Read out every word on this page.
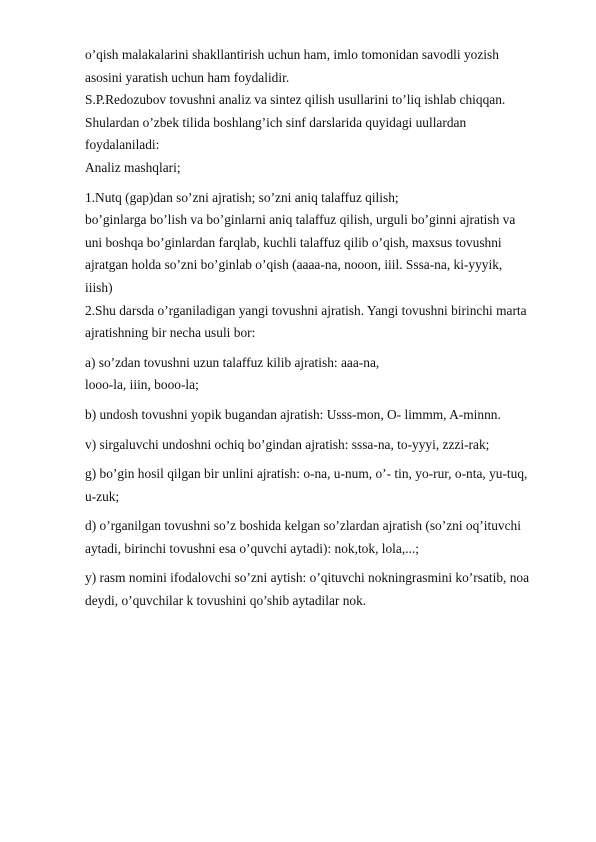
o’qish malakalarini shakllantirish uchun ham, imlo tomonidan savodli yozish
asosini yaratish uchun ham foydalidir.
S.P.Redozubov tovushni analiz va sintez qilish usullarini to’liq ishlab chiqqan.
Shulardan o’zbek tilida boshlang’ich sinf darslarida quyidagi uullardan
foydalaniladi:
Analiz mashqlari;
1.Nutq (gap)dan so’zni ajratish; so’zni aniq talaffuz qilish;
bo’ginlarga bo’lish va bo’ginlarni aniq talaffuz qilish, urguli bo’ginni ajratish va
uni boshqa bo’ginlardan farqlab, kuchli talaffuz qilib o’qish, maxsus tovushni
ajratgan holda so’zni bo’ginlab o’qish (aaaa-na, nooon, iiil. Sssa-na, ki-yyyik,
iiish)
2.Shu darsda o’rganiladigan yangi tovushni ajratish. Yangi tovushni birinchi marta
ajratishning bir necha usuli bor:
a) so’zdan tovushni uzun talaffuz kilib ajratish: aaa-na,
looo-la, iiin, booo-la;
b) undosh tovushni yopik bugandan ajratish: Usss-mon, O- limmm, A-minnn.
v) sirgaluvchi undoshni ochiq bo’gindan ajratish: sssa-na, to-yyyi, zzzi-rak;
g) bo’gin hosil qilgan bir unlini ajratish: o-na, u-num, o’- tin, yo-rur, o-nta, yu-tuq,
u-zuk;
d) o’rganilgan tovushni so’z boshida kelgan so’zlardan ajratish (so’zni oq’ituvchi
aytadi, birinchi tovushni esa o’quvchi aytadi): nok,tok, lola,...;
y) rasm nomini ifodalovchi so’zni aytish: o’qituvchi nokningrasmini ko’rsatib, noa
deydi, o’quvchilar k tovushini qo’shib aytadilar nok.
